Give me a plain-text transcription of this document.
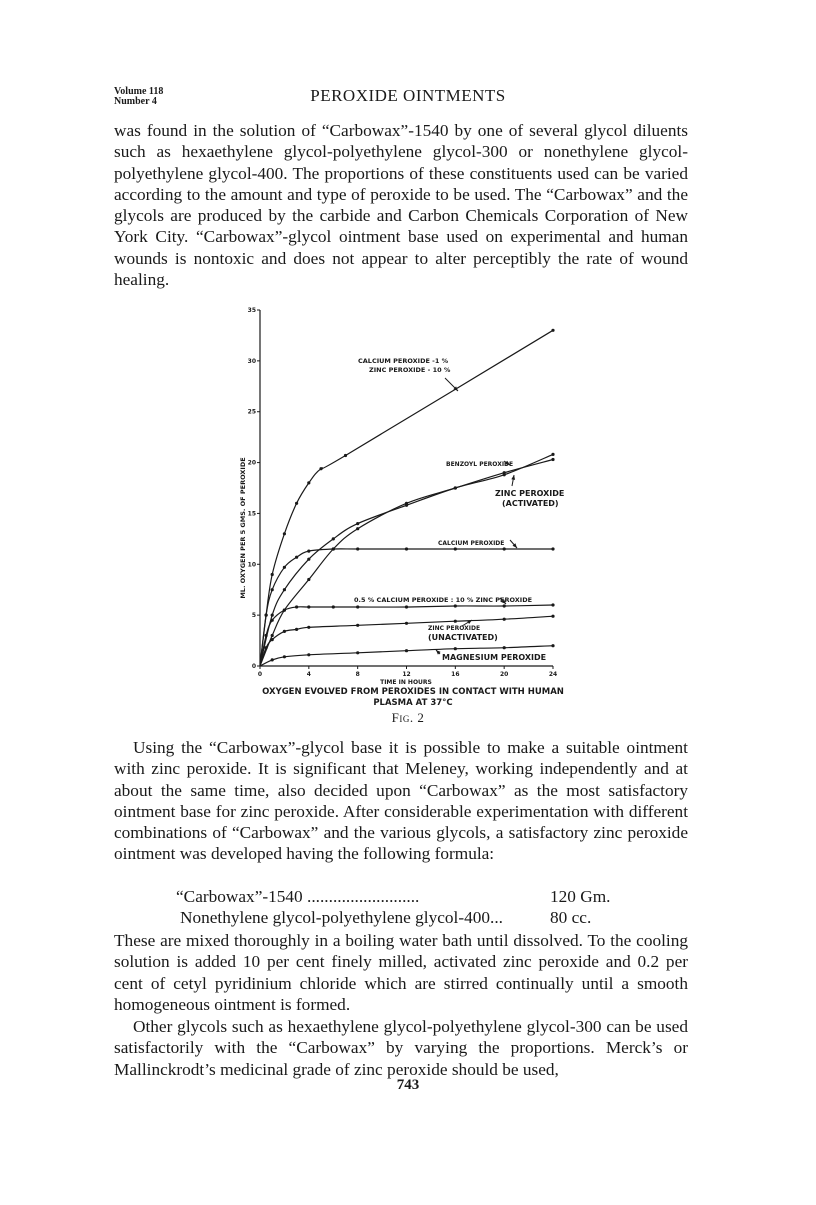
Volume 118
Number 4	PEROXIDE OINTMENTS

was found in the solution of “Carbowax”-1540 by one of several glycol diluents such as hexaethylene glycol-polyethylene glycol-300 or nonethylene glycol-polyethylene glycol-400. The proportions of these constituents used can be varied according to the amount and type of peroxide to be used. The “Carbowax” and the glycols are produced by the carbide and Carbon Chemicals Corporation of New York City. “Carbowax”-glycol ointment base used on experimental and human wounds is nontoxic and does not appear to alter perceptibly the rate of wound healing.

0	4	8	12	16	20	24
0
5
10
15
20
25
30
35
ML. OXYGEN PER 5 GMS. OF PEROXIDE
TIME IN HOURS
OXYGEN EVOLVED FROM PEROXIDES IN CONTACT WITH HUMAN
PLASMA AT 37°C
CALCIUM PEROXIDE -1 %
ZINC PEROXIDE - 10 %
BENZOYL PEROXIDE
ZINC PEROXIDE
(ACTIVATED)
CALCIUM PEROXIDE
0.5 % CALCIUM PEROXIDE : 10 % ZINC PEROXIDE
ZINC PEROXIDE
(UNACTIVATED)
MAGNESIUM PEROXIDE
Fig. 2

Using the “Carbowax”-glycol base it is possible to make a suitable ointment with zinc peroxide. It is significant that Meleney, working independently and at about the same time, also decided upon “Carbowax” as the most satisfactory ointment base for zinc peroxide. After considerable experimentation with different combinations of “Carbowax” and the various glycols, a satisfactory zinc peroxide ointment was developed having the following formula:

“Carbowax”-1540 ..........................	120 Gm.
Nonethylene glycol-polyethylene glycol-400...	80 cc.

These are mixed thoroughly in a boiling water bath until dissolved. To the cooling solution is added 10 per cent finely milled, activated zinc peroxide and 0.2 per cent of cetyl pyridinium chloride which are stirred continually until a smooth homogeneous ointment is formed.

Other glycols such as hexaethylene glycol-polyethylene glycol-300 can be used satisfactorily with the “Carbowax” by varying the proportions. Merck’s or Mallinckrodt’s medicinal grade of zinc peroxide should be used,

743
